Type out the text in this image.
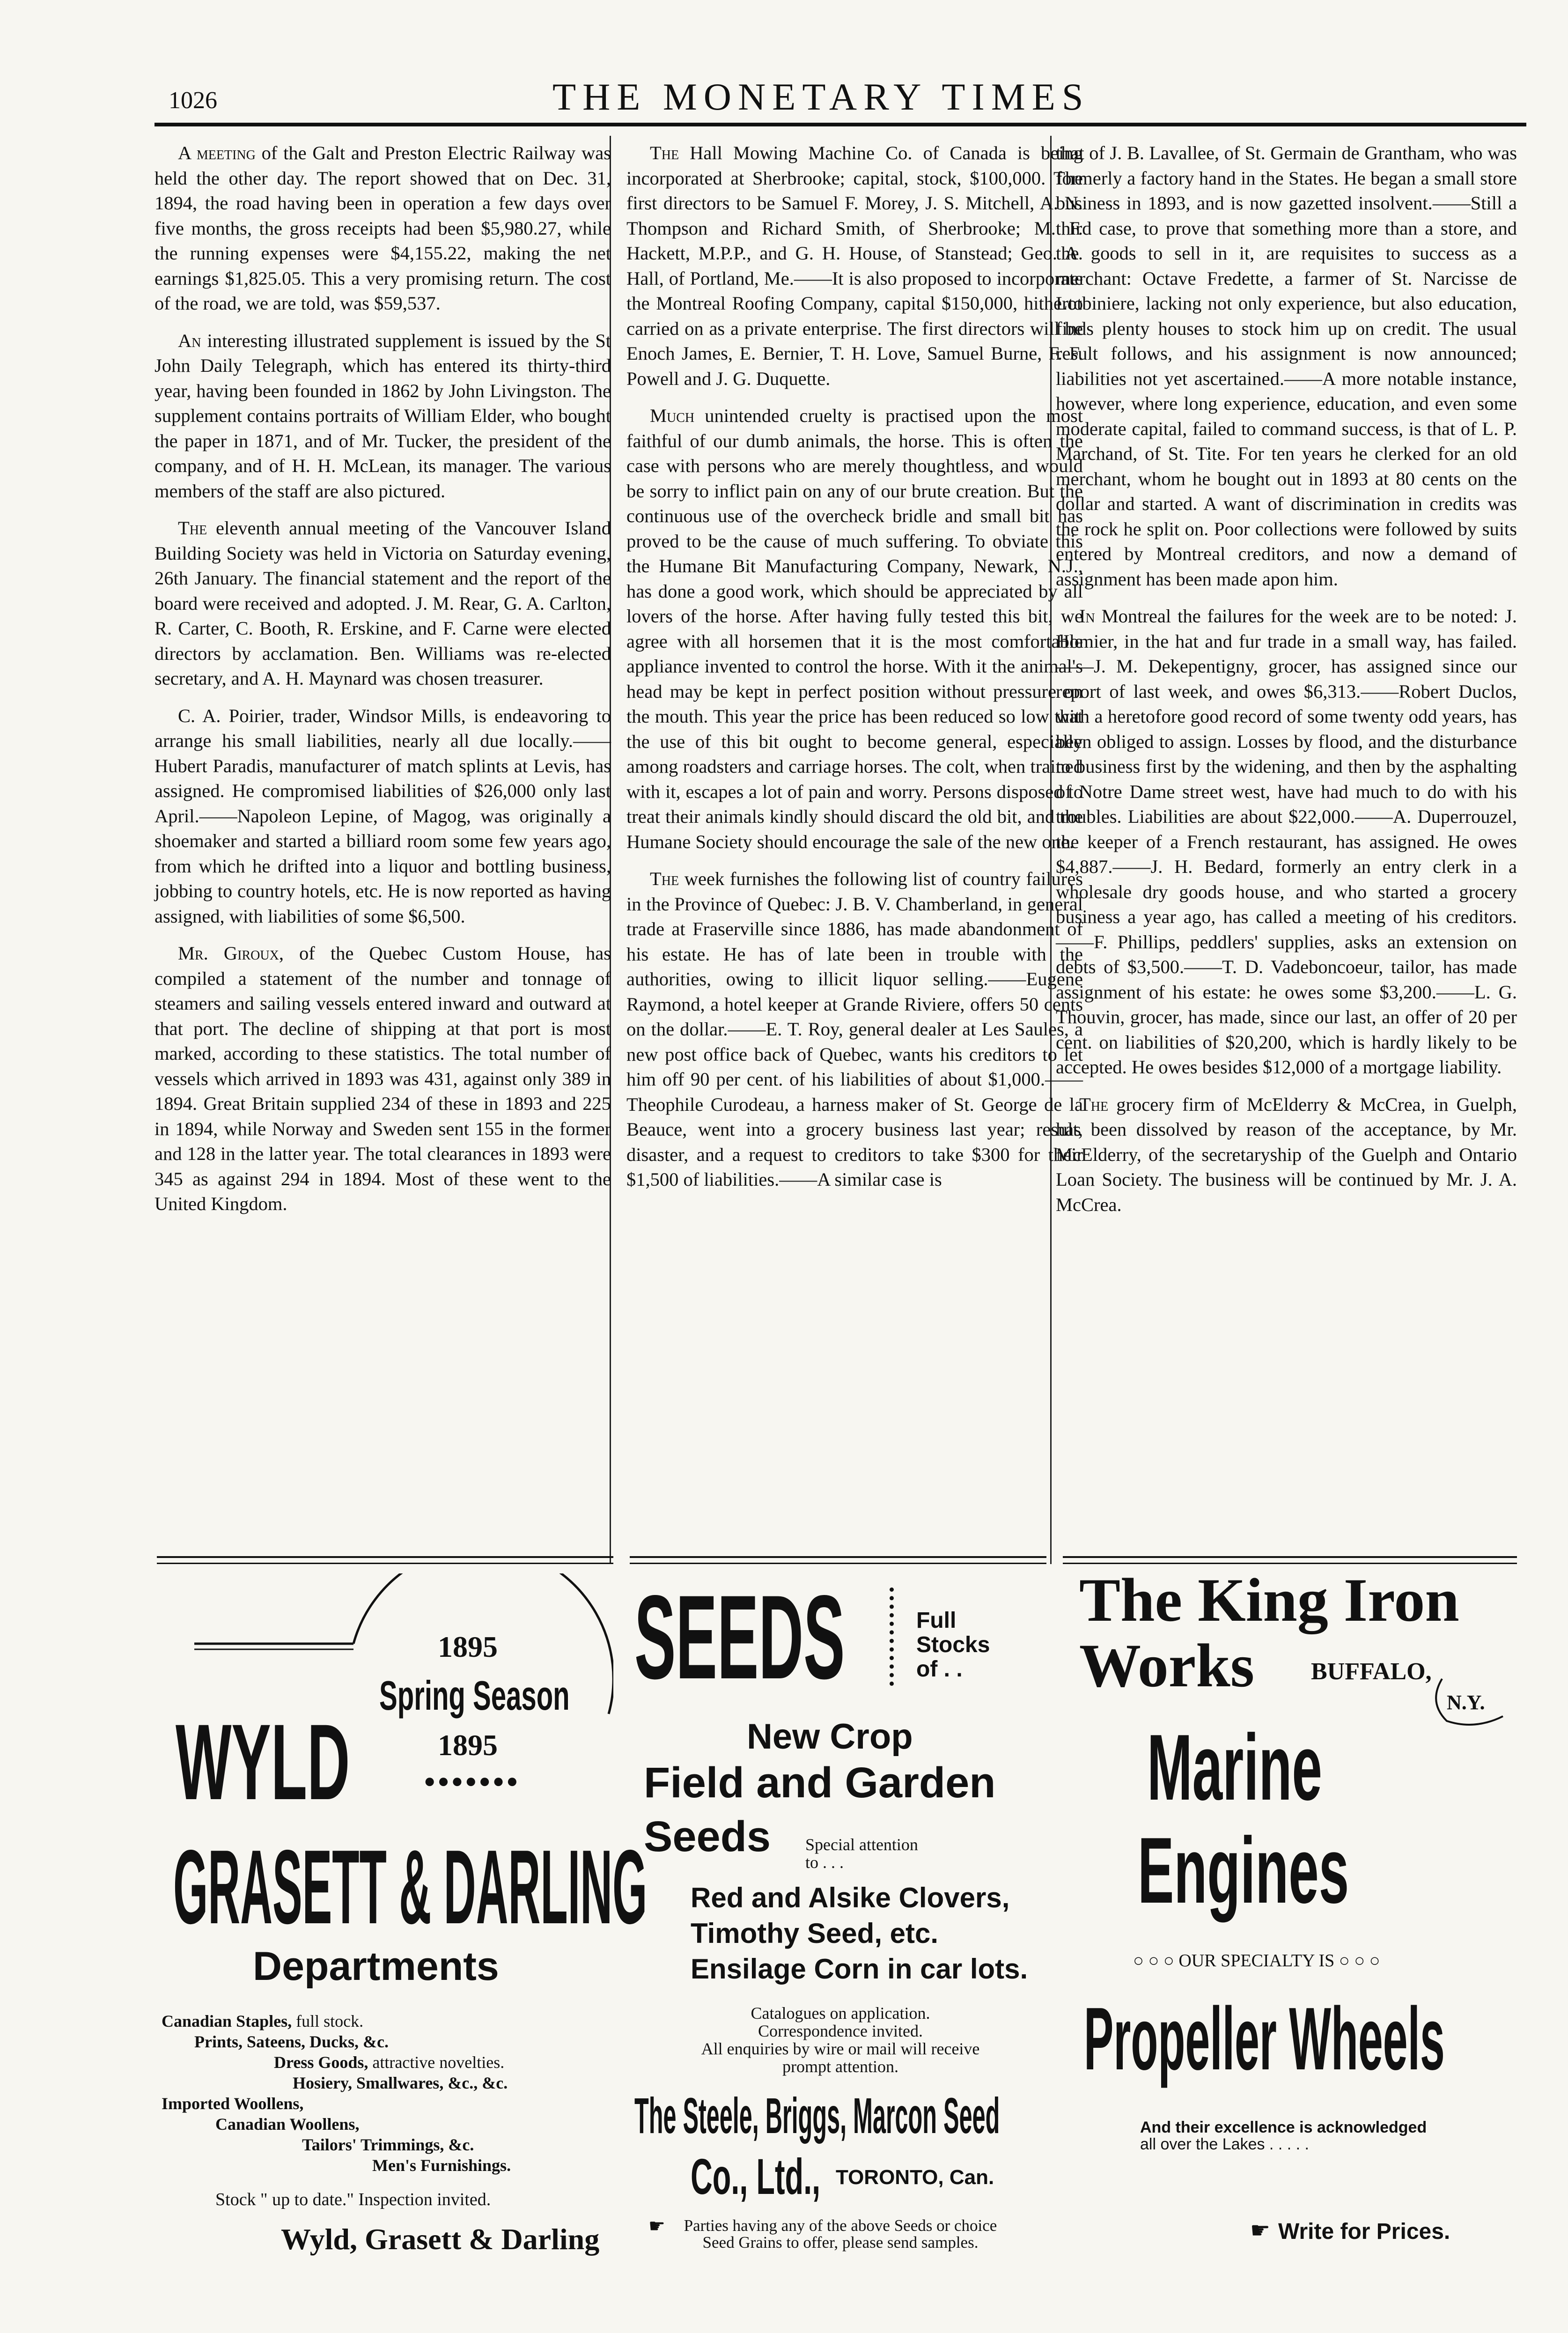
1026	THE MONETARY TIMES

A meeting of the Galt and Preston Electric Railway was held the other day. The report showed that on Dec. 31, 1894, the road having been in operation a few days over five months, the gross receipts had been $5,980.27, while the running expenses were $4,155.22, making the net earnings $1,825.05. This a very promising return. The cost of the road, we are told, was $59,537.

An interesting illustrated supplement is issued by the St John Daily Telegraph, which has entered its thirty-third year, having been founded in 1862 by John Livingston. The supplement contains portraits of William Elder, who bought the paper in 1871, and of Mr. Tucker, the president of the company, and of H. H. McLean, its manager. The various members of the staff are also pictured.

The eleventh annual meeting of the Vancouver Island Building Society was held in Victoria on Saturday evening, 26th January. The financial statement and the report of the board were received and adopted. J. M. Rear, G. A. Carlton, R. Carter, C. Booth, R. Erskine, and F. Carne were elected directors by acclamation. Ben. Williams was re-elected secretary, and A. H. Maynard was chosen treasurer.

C. A. Poirier, trader, Windsor Mills, is endeavoring to arrange his small liabilities, nearly all due locally.——Hubert Paradis, manufacturer of match splints at Levis, has assigned. He compromised liabilities of $26,000 only last April.——Napoleon Lepine, of Magog, was originally a shoemaker and started a billiard room some few years ago, from which he drifted into a liquor and bottling business, jobbing to country hotels, etc. He is now reported as having assigned, with liabilities of some $6,500.

Mr. Giroux, of the Quebec Custom House, has compiled a statement of the number and tonnage of steamers and sailing vessels entered inward and outward at that port. The decline of shipping at that port is most marked, according to these statistics. The total number of vessels which arrived in 1893 was 431, against only 389 in 1894. Great Britain supplied 234 of these in 1893 and 225 in 1894, while Norway and Sweden sent 155 in the former and 128 in the latter year. The total clearances in 1893 were 345 as against 294 in 1894. Most of these went to the United Kingdom.

The Hall Mowing Machine Co. of Canada is being incorporated at Sherbrooke; capital, stock, $100,000. The first directors to be Samuel F. Morey, J. S. Mitchell, A. N. Thompson and Richard Smith, of Sherbrooke; M. F. Hackett, M.P.P., and G. H. House, of Stanstead; Geo. A. Hall, of Portland, Me.——It is also proposed to incorporate the Montreal Roofing Company, capital $150,000, hitherto carried on as a private enterprise. The first directors will be Enoch James, E. Bernier, T. H. Love, Samuel Burne, F. F. Powell and J. G. Duquette.

Much unintended cruelty is practised upon the most faithful of our dumb animals, the horse. This is often the case with persons who are merely thoughtless, and would be sorry to inflict pain on any of our brute creation. But the continuous use of the overcheck bridle and small bit has proved to be the cause of much suffering. To obviate this the Humane Bit Manufacturing Company, Newark, N.J., has done a good work, which should be appreciated by all lovers of the horse. After having fully tested this bit, we agree with all horsemen that it is the most comfortable appliance invented to control the horse. With it the animal's head may be kept in perfect position without pressure on the mouth. This year the price has been reduced so low that the use of this bit ought to become general, especially among roadsters and carriage horses. The colt, when trained with it, escapes a lot of pain and worry. Persons disposed to treat their animals kindly should discard the old bit, and the Humane Society should encourage the sale of the new one.

The week furnishes the following list of country failures in the Province of Quebec: J. B. V. Chamberland, in general trade at Fraserville since 1886, has made abandonment of his estate. He has of late been in trouble with the authorities, owing to illicit liquor selling.——Eugene Raymond, a hotel keeper at Grande Riviere, offers 50 cents on the dollar.——E. T. Roy, general dealer at Les Saules, a new post office back of Quebec, wants his creditors to let him off 90 per cent. of his liabilities of about $1,000.——Theophile Curodeau, a harness maker of St. George de la Beauce, went into a grocery business last year; result, disaster, and a request to creditors to take $300 for their $1,500 of liabilities.——A similar case is

that of J. B. Lavallee, of St. Germain de Grantham, who was formerly a factory hand in the States. He began a small store business in 1893, and is now gazetted insolvent.——Still a third case, to prove that something more than a store, and the goods to sell in it, are requisites to success as a merchant: Octave Fredette, a farmer of St. Narcisse de Lotbiniere, lacking not only experience, but also education, finds plenty houses to stock him up on credit. The usual result follows, and his assignment is now announced; liabilities not yet ascertained.——A more notable instance, however, where long experience, education, and even some moderate capital, failed to command success, is that of L. P. Marchand, of St. Tite. For ten years he clerked for an old merchant, whom he bought out in 1893 at 80 cents on the dollar and started. A want of discrimination in credits was the rock he split on. Poor collections were followed by suits entered by Montreal creditors, and now a demand of assignment has been made apon him.

In Montreal the failures for the week are to be noted: J. Homier, in the hat and fur trade in a small way, has failed.——J. M. Dekepentigny, grocer, has assigned since our report of last week, and owes $6,313.——Robert Duclos, with a heretofore good record of some twenty odd years, has been obliged to assign. Losses by flood, and the disturbance to business first by the widening, and then by the asphalting of Notre Dame street west, have had much to do with his troubles. Liabilities are about $22,000.——A. Duperrouzel, the keeper of a French restaurant, has assigned. He owes $4,887.——J. H. Bedard, formerly an entry clerk in a wholesale dry goods house, and who started a grocery business a year ago, has called a meeting of his creditors.——F. Phillips, peddlers' supplies, asks an extension on debts of $3,500.——T. D. Vadeboncoeur, tailor, has made assignment of his estate: he owes some $3,200.——L. G. Thouvin, grocer, has made, since our last, an offer of 20 per cent. on liabilities of $20,200, which is hardly likely to be accepted. He owes besides $12,000 of a mortgage liability.

The grocery firm of McElderry & McCrea, in Guelph, has been dissolved by reason of the acceptance, by Mr. McElderry, of the secretaryship of the Guelph and Ontario Loan Society. The business will be continued by Mr. J. A. McCrea.

1895
Spring Season
1895
●●●●●●●
WYLD
GRASETT & DARLING
Departments
Canadian Staples, full stock.
Prints, Sateens, Ducks, &c.
Dress Goods, attractive novelties.
Hosiery, Smallwares, &c., &c.
Imported Woollens,
Canadian Woollens,
Tailors' Trimmings, &c.
Men's Furnishings.
Stock " up to date." Inspection invited.
Wyld, Grasett & Darling
SEEDS	Full
Stocks
of . .
New Crop
Field and Garden
Seeds Special attention
to . . .
Red and Alsike Clovers,
Timothy Seed, etc.
Ensilage Corn in car lots.
Catalogues on application.
Correspondence invited.
All enquiries by wire or mail will receive
prompt attention.
The Steele, Briggs, Marcon Seed
Co., Ltd., TORONTO, Can.
☛	Parties having any of the above Seeds or choice
Seed Grains to offer, please send samples.
The King Iron
Works BUFFALO,
N.Y.
Marine
Engines
○ ○ ○ OUR SPECIALTY IS ○ ○ ○
Propeller Wheels
And their excellence is acknowledged
all over the Lakes . . . . .
☛ Write for Prices.
